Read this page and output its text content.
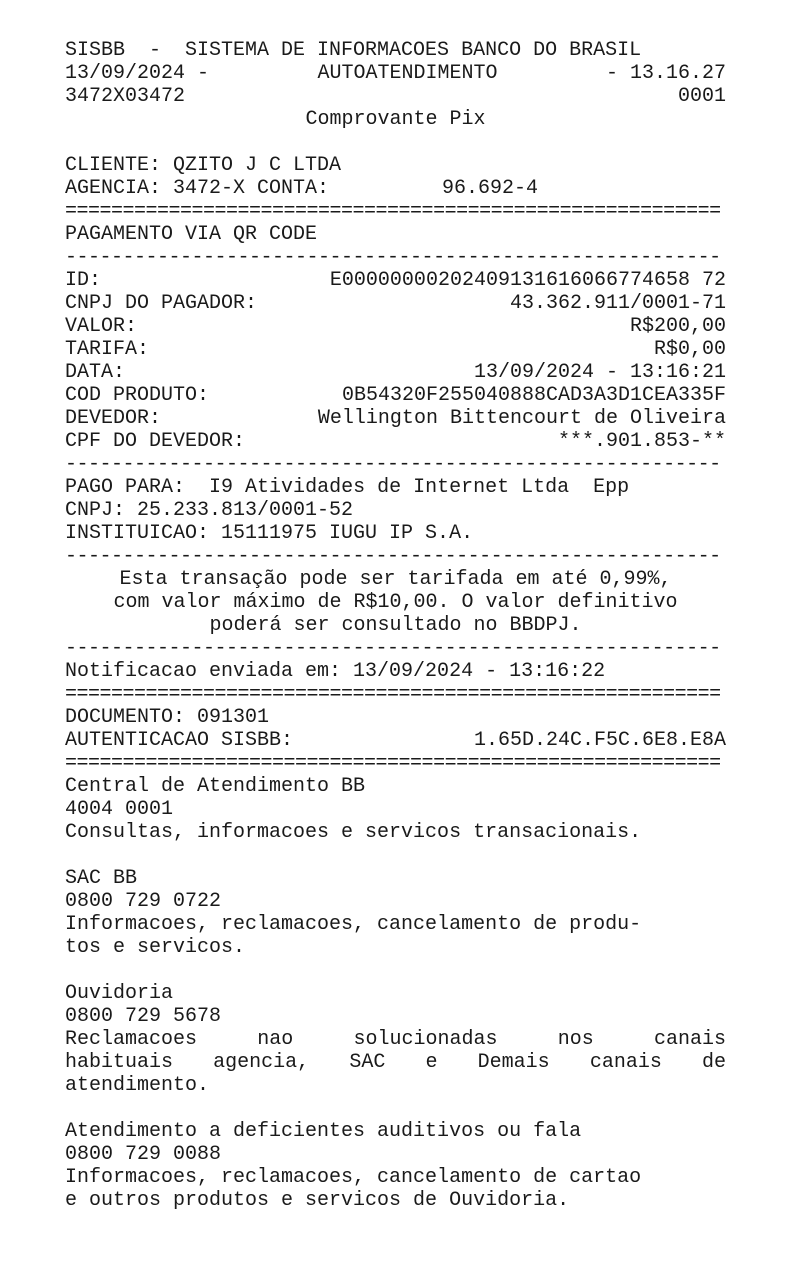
SISBB  -  SISTEMA DE INFORMACOES BANCO DO BRASIL
13/09/2024 -	AUTOATENDIMENTO	- 13.16.27
3472X03472	0001
Comprovante Pix
CLIENTE: QZITO J C LTDA
AGENCIA: 3472-X CONTA:	96.692-4
=========================================================
PAGAMENTO VIA QR CODE
---------------------------------------------------------
ID:	E00000000202409131616066774658 72
CNPJ DO PAGADOR:	43.362.911/0001-71
VALOR:	R$200,00
TARIFA:	R$0,00
DATA:	13/09/2024 - 13:16:21
COD PRODUTO:	0B54320F255040888CAD3A3D1CEA335F
DEVEDOR:	Wellington Bittencourt de Oliveira
CPF DO DEVEDOR:	***.901.853-**
---------------------------------------------------------
PAGO PARA: I9 Atividades de Internet Ltda  Epp
CNPJ: 25.233.813/0001-52
INSTITUICAO: 15111975 IUGU IP S.A.
---------------------------------------------------------
Esta transação pode ser tarifada em até 0,99%,
com valor máximo de R$10,00. O valor definitivo
poderá ser consultado no BBDPJ.
---------------------------------------------------------
Notificacao enviada em: 13/09/2024 - 13:16:22
=========================================================
DOCUMENTO: 091301
AUTENTICACAO SISBB:	1.65D.24C.F5C.6E8.E8A
=========================================================
Central de Atendimento BB
4004 0001
Consultas, informacoes e servicos transacionais.
SAC BB
0800 729 0722
Informacoes, reclamacoes, cancelamento de produ-
tos e servicos.
Ouvidoria
0800 729 5678
Reclamacoes nao solucionadas nos canais
habituais agencia, SAC e Demais canais de
atendimento.
Atendimento a deficientes auditivos ou fala
0800 729 0088
Informacoes, reclamacoes, cancelamento de cartao
e outros produtos e servicos de Ouvidoria.
